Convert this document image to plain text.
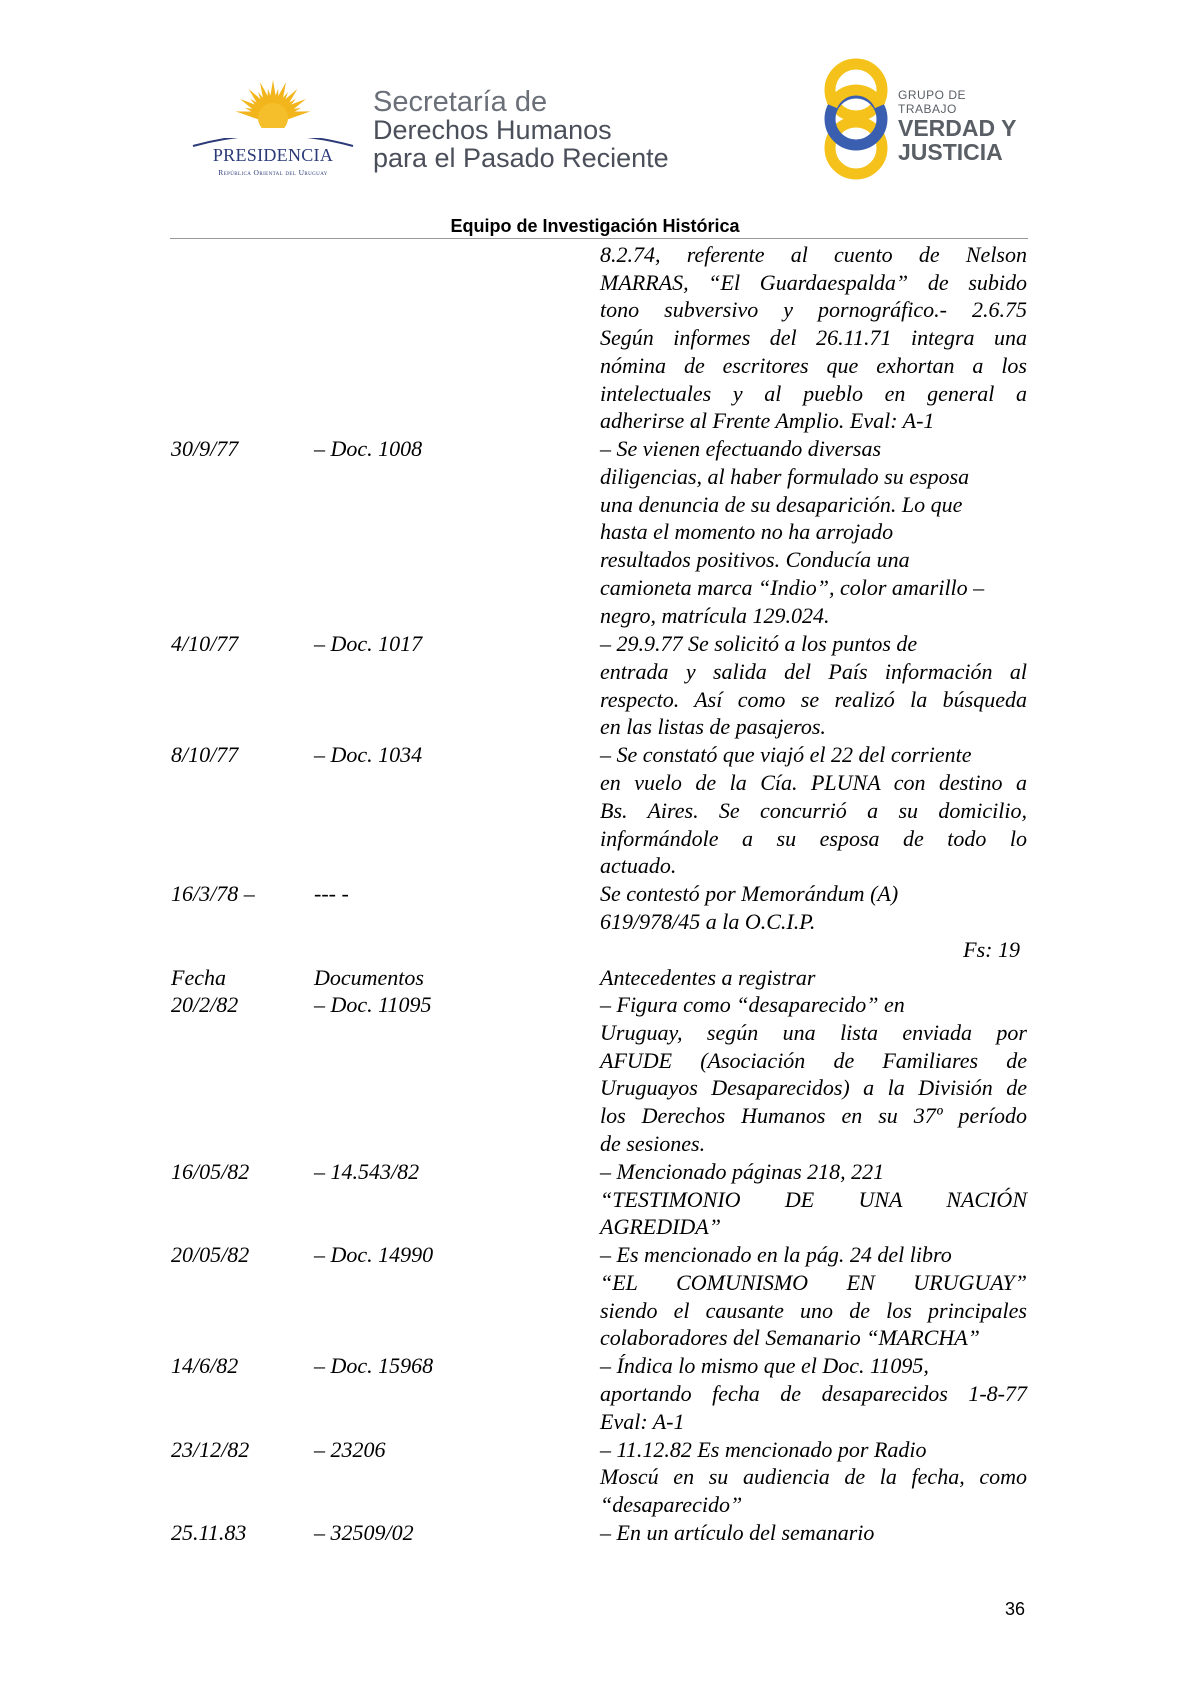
PRESIDENCIA
República Oriental del Uruguay
Secretaría de
Derechos Humanos
para el Pasado Reciente
GRUPO DE TRABAJO
VERDAD Y
JUSTICIA
Equipo de Investigación Histórica
8.2.74, referente al cuento de Nelson
MARRAS, “El Guardaespalda” de subido
tono subversivo y pornográfico.- 2.6.75
Según informes del 26.11.71 integra una
nómina de escritores que exhortan a los
intelectuales y al pueblo en general a
adherirse al Frente Amplio. Eval: A-1
30/9/77	– Doc. 1008	– Se vienen efectuando diversas
diligencias, al haber formulado su esposa
una denuncia de su desaparición. Lo que
hasta el momento no ha arrojado
resultados positivos. Conducía una
camioneta marca “Indio”, color amarillo –
negro, matrícula 129.024.
4/10/77	– Doc. 1017	– 29.9.77 Se solicitó a los puntos de
entrada y salida del País información al
respecto. Así como se realizó la búsqueda
en las listas de pasajeros.
8/10/77	– Doc. 1034	– Se constató que viajó el 22 del corriente
en vuelo de la Cía. PLUNA con destino a
Bs. Aires. Se concurrió a su domicilio,
informándole a su esposa de todo lo
actuado.
16/3/78 –	--- -	Se contestó por Memorándum (A)
619/978/45 a la O.C.I.P.
Fs: 19
Fecha	Documentos	Antecedentes a registrar
20/2/82	– Doc. 11095	– Figura como “desaparecido” en
Uruguay, según una lista enviada por
AFUDE (Asociación de Familiares de
Uruguayos Desaparecidos) a la División de
los Derechos Humanos en su 37º período
de sesiones.
16/05/82	– 14.543/82	– Mencionado páginas 218, 221
“TESTIMONIO DE UNA NACIÓN
AGREDIDA”
20/05/82	– Doc. 14990	– Es mencionado en la pág. 24 del libro
“EL COMUNISMO EN URUGUAY”
siendo el causante uno de los principales
colaboradores del Semanario “MARCHA”
14/6/82	– Doc. 15968	– Índica lo mismo que el Doc. 11095,
aportando fecha de desaparecidos 1-8-77
Eval: A-1
23/12/82	– 23206	– 11.12.82 Es mencionado por Radio
Moscú en su audiencia de la fecha, como
“desaparecido”
25.11.83	– 32509/02	– En un artículo del semanario
36
